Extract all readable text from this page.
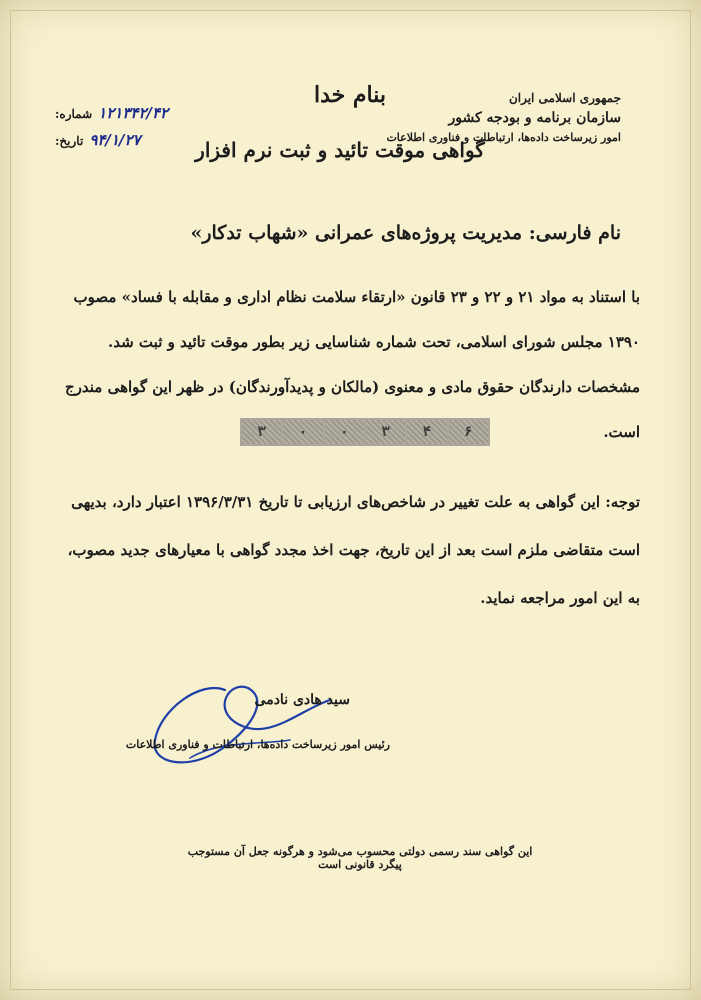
جمهوری اسلامی ایران
سازمان برنامه و بودجه کشور
امور زیرساخت داده‌ها، ارتباطات و فناوری اطلاعات
بنام خدا
گواهی موقت تائید و ثبت نرم افزار
شماره: ۱۲۱۳۴۲/۴۲
تاریخ: ۹۴/۱/۲۷
نام فارسی: مدیریت پروژه‌های عمرانی «شهاب تدکار»
با استناد به مواد ۲۱ و ۲۲ و ۲۳ قانون «ارتقاء سلامت نظام اداری و مقابله با فساد» مصوب ۱۳۹۰ مجلس شورای اسلامی، تحت شماره شناسایی زیر بطور موقت تائید و ثبت شد. مشخصات دارندگان حقوق مادی و معنوی (مالکان و پدیدآورندگان) در ظهر این گواهی مندرج است.
۶
۴
۳
۰
۰
۳
توجه: این گواهی به علت تغییر در شاخص‌های ارزیابی تا تاریخ ۱۳۹۶/۳/۳۱ اعتبار دارد، بدیهی است متقاضی ملزم است بعد از این تاریخ، جهت اخذ مجدد گواهی با معیارهای جدید مصوب، به این امور مراجعه نماید.
سید هادی نادمی
رئیس امور زیرساخت داده‌ها، ارتباطات و فناوری اطلاعات
این گواهی سند رسمی دولتی محسوب می‌شود و هرگونه جعل آن مستوجب پیگرد قانونی است
